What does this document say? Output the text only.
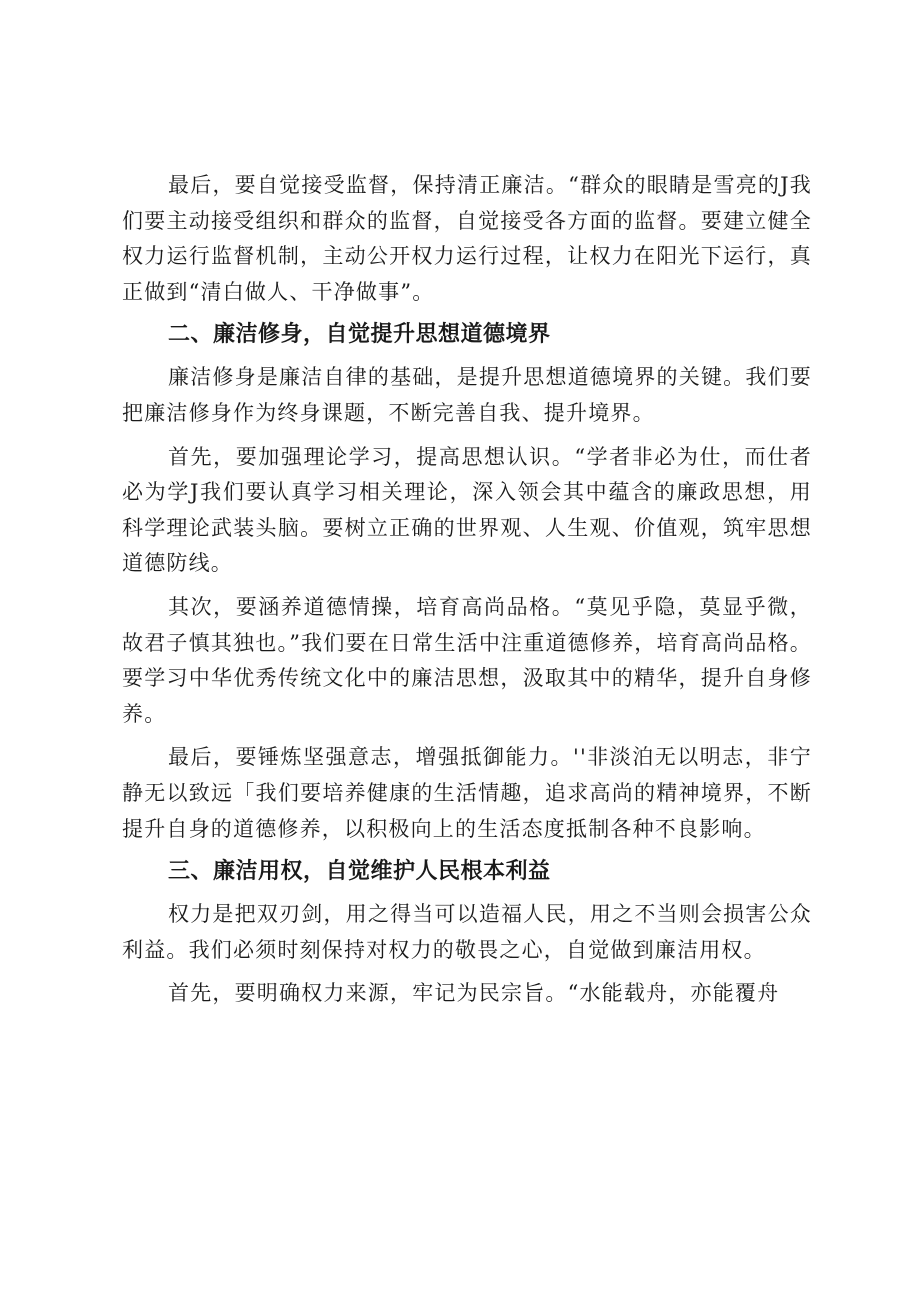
最后，要自觉接受监督，保持清正廉洁。“群众的眼睛是雪亮的J我们要主动接受组织和群众的监督，自觉接受各方面的监督。要建立健全权力运行监督机制，主动公开权力运行过程，让权力在阳光下运行，真正做到“清白做人、干净做事”。

二、廉洁修身，自觉提升思想道德境界

廉洁修身是廉洁自律的基础，是提升思想道德境界的关键。我们要把廉洁修身作为终身课题，不断完善自我、提升境界。

首先，要加强理论学习，提高思想认识。“学者非必为仕，而仕者必为学J我们要认真学习相关理论，深入领会其中蕴含的廉政思想，用科学理论武装头脑。要树立正确的世界观、人生观、价值观，筑牢思想道德防线。

其次，要涵养道德情操，培育高尚品格。“莫见乎隐，莫显乎微，故君子慎其独也。”我们要在日常生活中注重道德修养，培育高尚品格。要学习中华优秀传统文化中的廉洁思想，汲取其中的精华，提升自身修养。

最后，要锤炼坚强意志，增强抵御能力。''非淡泊无以明志，非宁静无以致远「我们要培养健康的生活情趣，追求高尚的精神境界，不断提升自身的道德修养，以积极向上的生活态度抵制各种不良影响。

三、廉洁用权，自觉维护人民根本利益

权力是把双刃剑，用之得当可以造福人民，用之不当则会损害公众利益。我们必须时刻保持对权力的敬畏之心，自觉做到廉洁用权。

首先，要明确权力来源，牢记为民宗旨。“水能载舟，亦能覆舟
